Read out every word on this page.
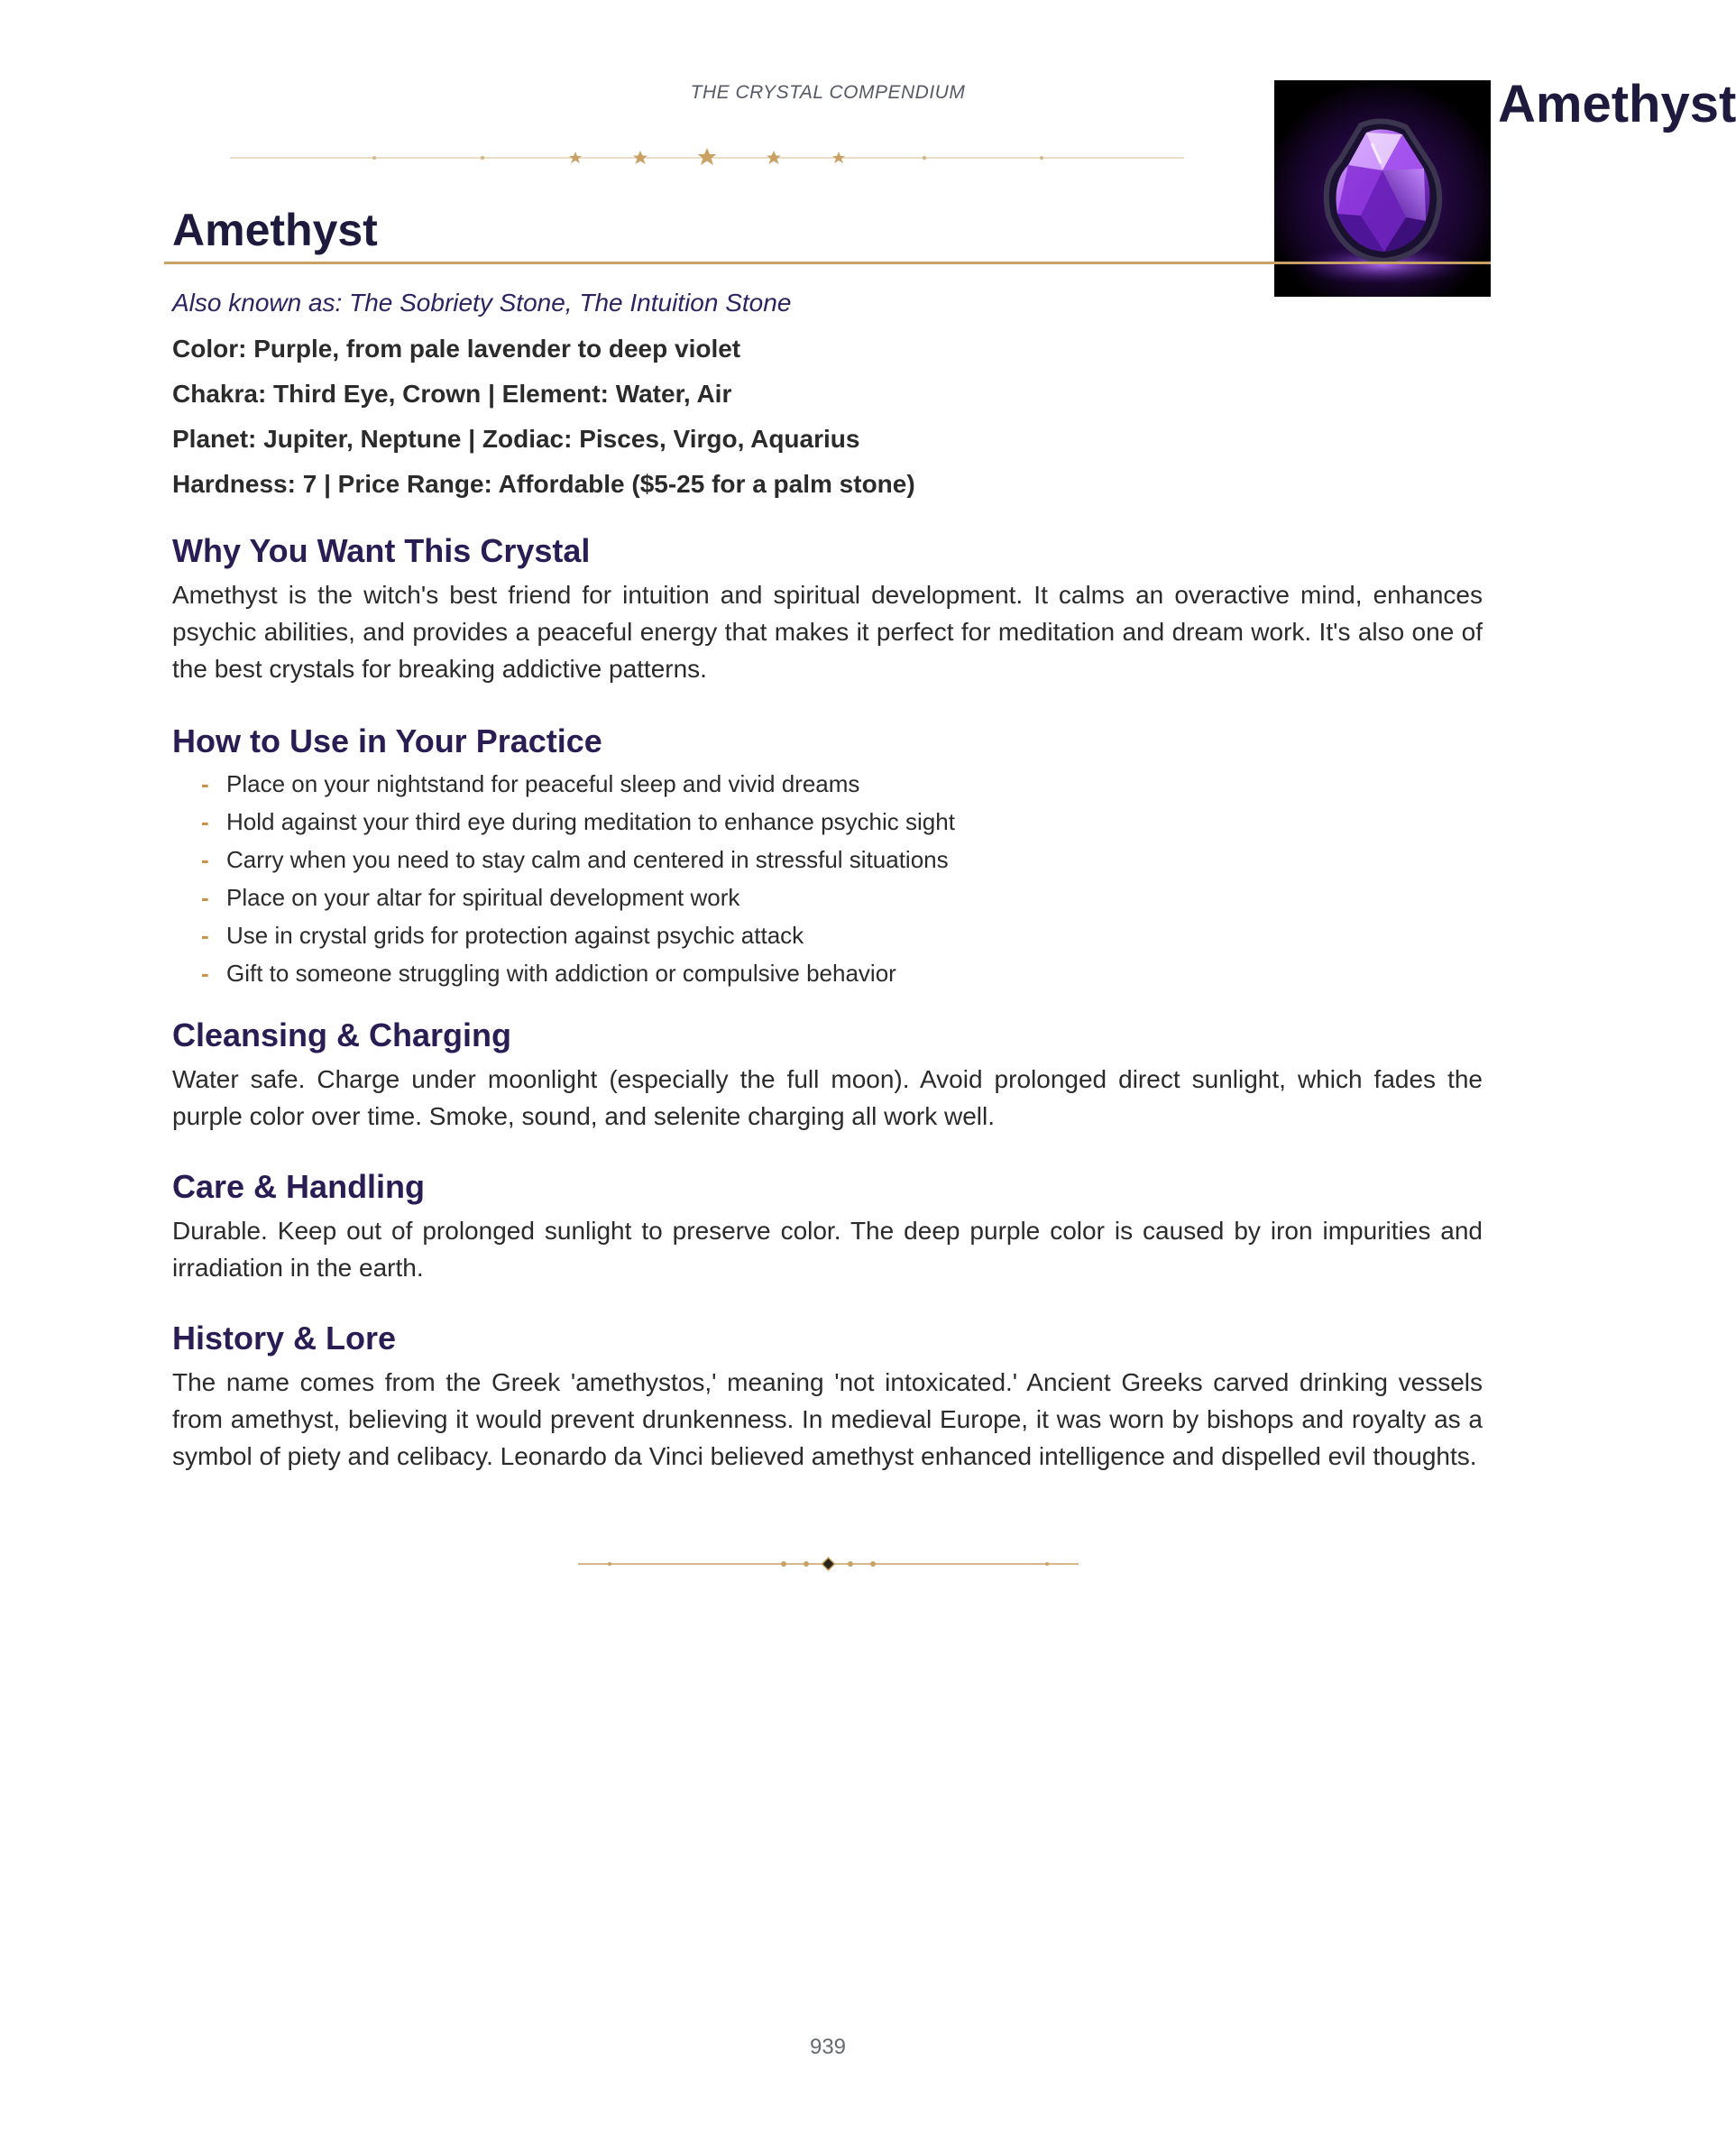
THE CRYSTAL COMPENDIUM	Amethyst
Amethyst

Also known as: The Sobriety Stone, The Intuition Stone

Color: Purple, from pale lavender to deep violet

Chakra: Third Eye, Crown | Element: Water, Air

Planet: Jupiter, Neptune | Zodiac: Pisces, Virgo, Aquarius

Hardness: 7 | Price Range: Affordable ($5-25 for a palm stone)

Why You Want This Crystal

Amethyst is the witch's best friend for intuition and spiritual development. It calms an overactive mind, enhances psychic abilities, and provides a peaceful energy that makes it perfect for meditation and dream work. It's also one of the best crystals for breaking addictive patterns.

How to Use in Your Practice
- Place on your nightstand for peaceful sleep and vivid dreams
- Hold against your third eye during meditation to enhance psychic sight
- Carry when you need to stay calm and centered in stressful situations
- Place on your altar for spiritual development work
- Use in crystal grids for protection against psychic attack
- Gift to someone struggling with addiction or compulsive behavior
Cleansing & Charging

Water safe. Charge under moonlight (especially the full moon). Avoid prolonged direct sunlight, which fades the purple color over time. Smoke, sound, and selenite charging all work well.

Care & Handling

Durable. Keep out of prolonged sunlight to preserve color. The deep purple color is caused by iron impurities and irradiation in the earth.

History & Lore

The name comes from the Greek 'amethystos,' meaning 'not intoxicated.' Ancient Greeks carved drinking vessels from amethyst, believing it would prevent drunkenness. In medieval Europe, it was worn by bishops and royalty as a symbol of piety and celibacy. Leonardo da Vinci believed amethyst enhanced intelligence and dispelled evil thoughts.

939
